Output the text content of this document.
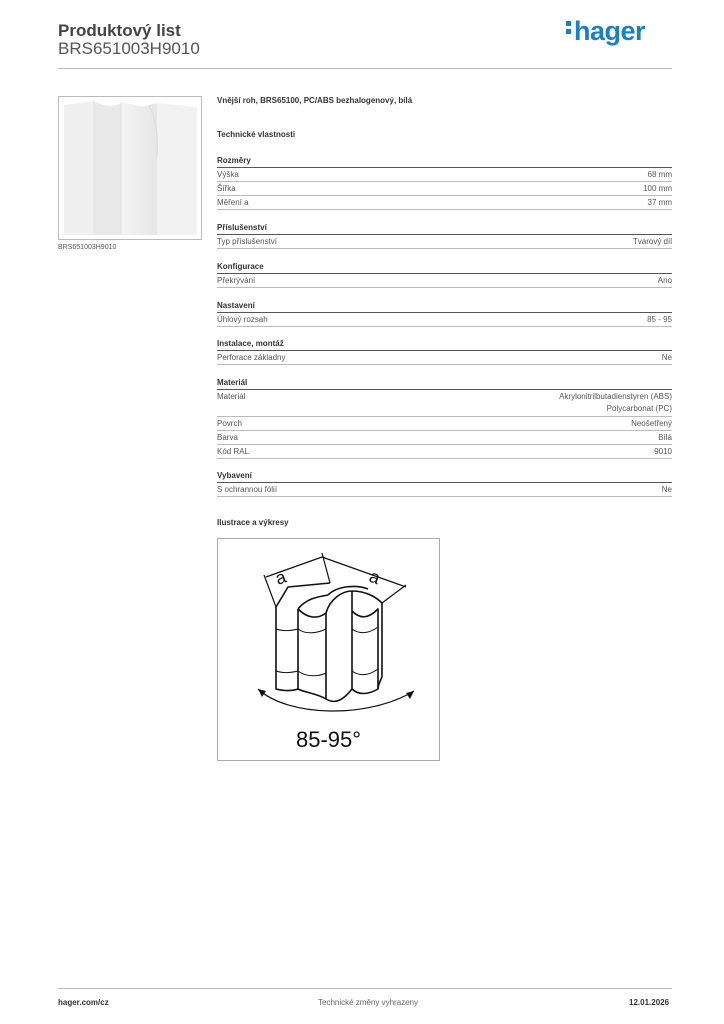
Produktový list
BRS651003H9010
hager
BRS651003H9010
Vnější roh, BRS65100, PC/ABS bezhalogenový, bílá
Technické vlastnosti
Rozměry
Výška	68 mm
Šířka	100 mm
Měření a	37 mm
Příslušenství
Typ příslušenství	Tvarový díl
Konfigurace
Překrývání	Ano
Nastavení
Úhlový rozsah	85 - 95
Instalace, montáž
Perforace základny	Ne
Materiál
Materiál	Akrylonitrilbutadienstyren (ABS)
Polycarbonat (PC)
Povrch	Neošetřený
Barva	Bílá
Kód RAL	9010
Vybavení
S ochrannou fólií	Ne
Ilustrace a výkresy
a	a
85-95°
hager.com/cz	Technické změny vyhrazeny	12.01.2026
